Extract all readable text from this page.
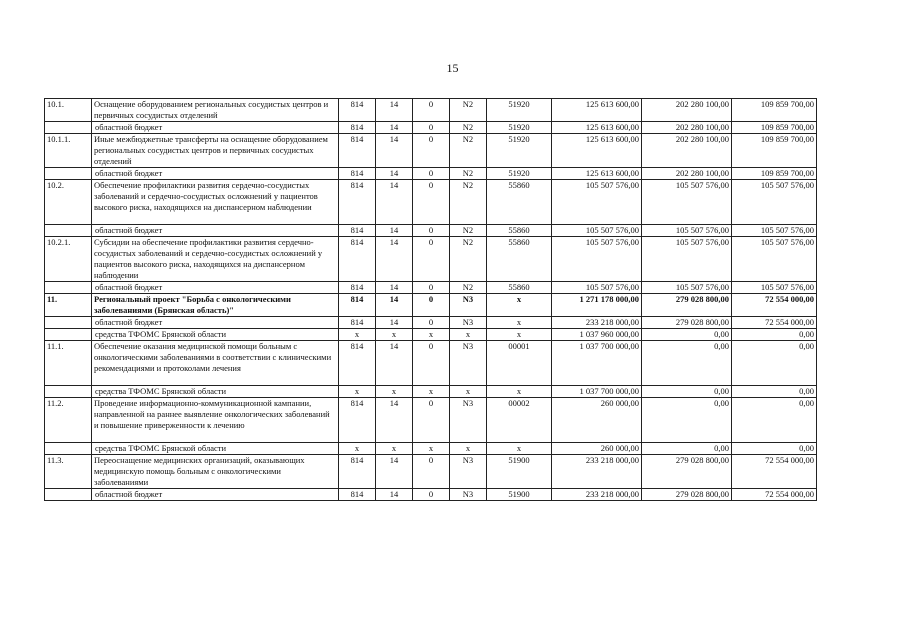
15
10.1.	Оснащение оборудованием региональных сосудистых центров и первичных сосудистых отделений	814	14	0	N2	51920	125 613 600,00	202 280 100,00	109 859 700,00
	областной бюджет	814	14	0	N2	51920	125 613 600,00	202 280 100,00	109 859 700,00
10.1.1.	Иные межбюджетные трансферты на оснащение оборудованием региональных сосудистых центров и первичных сосудистых отделений	814	14	0	N2	51920	125 613 600,00	202 280 100,00	109 859 700,00
	областной бюджет	814	14	0	N2	51920	125 613 600,00	202 280 100,00	109 859 700,00
10.2.	Обеспечение профилактики развития сердечно-сосудистых заболеваний и сердечно-сосудистых осложнений у пациентов высокого риска, находящихся на диспансерном наблюдении	814	14	0	N2	55860	105 507 576,00	105 507 576,00	105 507 576,00
	областной бюджет	814	14	0	N2	55860	105 507 576,00	105 507 576,00	105 507 576,00
10.2.1.	Субсидии на обеспечение профилактики развития сердечно-сосудистых заболеваний и сердечно-сосудистых осложнений у пациентов высокого риска, находящихся на диспансерном наблюдении	814	14	0	N2	55860	105 507 576,00	105 507 576,00	105 507 576,00
	областной бюджет	814	14	0	N2	55860	105 507 576,00	105 507 576,00	105 507 576,00
11.	Региональный проект "Борьба с онкологическими заболеваниями (Брянская область)"	814	14	0	N3	x	1 271 178 000,00	279 028 800,00	72 554 000,00
	областной бюджет	814	14	0	N3	x	233 218 000,00	279 028 800,00	72 554 000,00
	средства ТФОМС Брянской области	x	x	x	x	x	1 037 960 000,00	0,00	0,00
11.1.	Обеспечение оказания медицинской помощи больным с онкологическими заболеваниями в соответствии с клиническими рекомендациями и протоколами лечения	814	14	0	N3	00001	1 037 700 000,00	0,00	0,00
	средства ТФОМС Брянской области	x	x	x	x	x	1 037 700 000,00	0,00	0,00
11.2.	Проведение информационно-коммуникационной кампании, направленной на раннее выявление онкологических заболеваний и повышение приверженности к лечению	814	14	0	N3	00002	260 000,00	0,00	0,00
	средства ТФОМС Брянской области	x	x	x	x	x	260 000,00	0,00	0,00
11.3.	Переоснащение медицинских организаций, оказывающих медицинскую помощь больным с онкологическими заболеваниями	814	14	0	N3	51900	233 218 000,00	279 028 800,00	72 554 000,00
	областной бюджет	814	14	0	N3	51900	233 218 000,00	279 028 800,00	72 554 000,00
